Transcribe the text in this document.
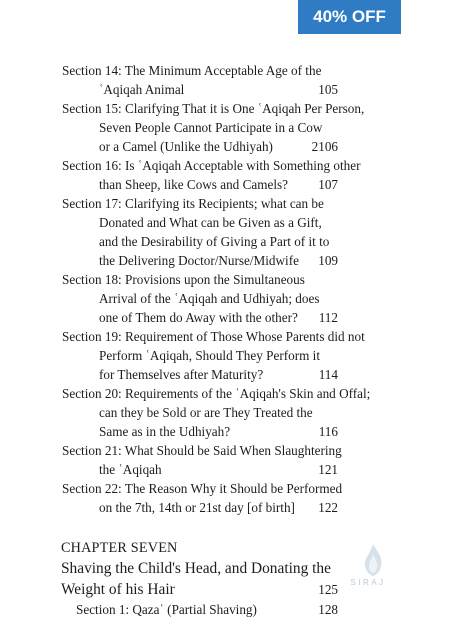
40% OFF
Section 14: The Minimum Acceptable Age of the
ʿAqiqah Animal	105
Section 15: Clarifying That it is One ʿAqiqah Per Person,
Seven People Cannot Participate in a Cow
or a Camel (Unlike the Udhiyah)	2106
Section 16: Is ʿAqiqah Acceptable with Something other
than Sheep, like Cows and Camels? 107
Section 17: Clarifying its Recipients; what can be
Donated and What can be Given as a Gift,
and the Desirability of Giving a Part of it to
the Delivering Doctor/Nurse/Midwife 109
Section 18: Provisions upon the Simultaneous
Arrival of the ʿAqiqah and Udhiyah; does
one of Them do Away with the other? 112
Section 19: Requirement of Those Whose Parents did not
Perform ʿAqiqah, Should They Perform it
for Themselves after Maturity?	114
Section 20: Requirements of the ʿAqiqah's Skin and Offal;
can they be Sold or are They Treated the
Same as in the Udhiyah?	116
Section 21: What Should be Said When Slaughtering
the ʿAqiqah	121
Section 22: The Reason Why it Should be Performed
on the 7th, 14th or 21st day [of birth] 122
CHAPTER SEVEN
Shaving the Child's Head, and Donating the
Weight of his Hair	125
Section 1: Qazaʿ (Partial Shaving)	128
SIRAJ
